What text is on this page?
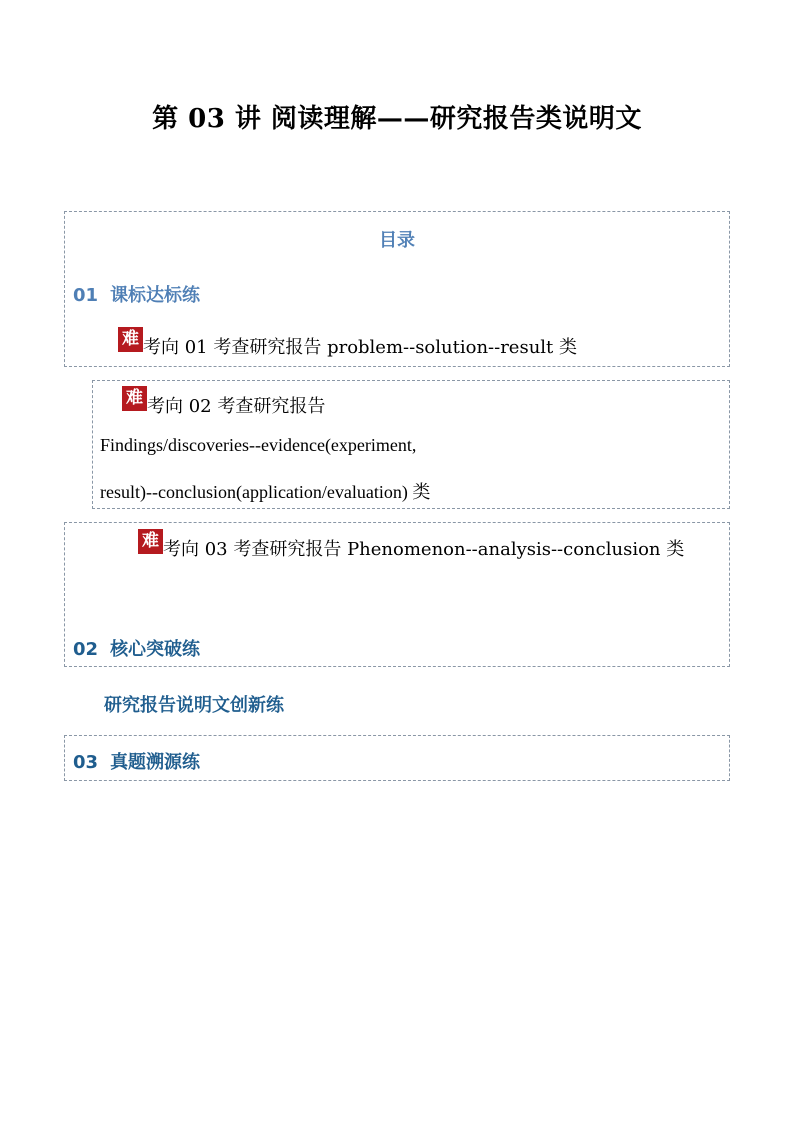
第 03 讲 阅读理解——研究报告类说明文
目录
01 课标达标练
难 考向 01 考查研究报告 problem--solution--result 类
难 考向 02 考查研究报告
Findings/discoveries--evidence(experiment,
result)--conclusion(application/evaluation) 类
难 考向 03 考查研究报告 Phenomenon--analysis--conclusion 类
02 核心突破练
研究报告说明文创新练
03 真题溯源练
